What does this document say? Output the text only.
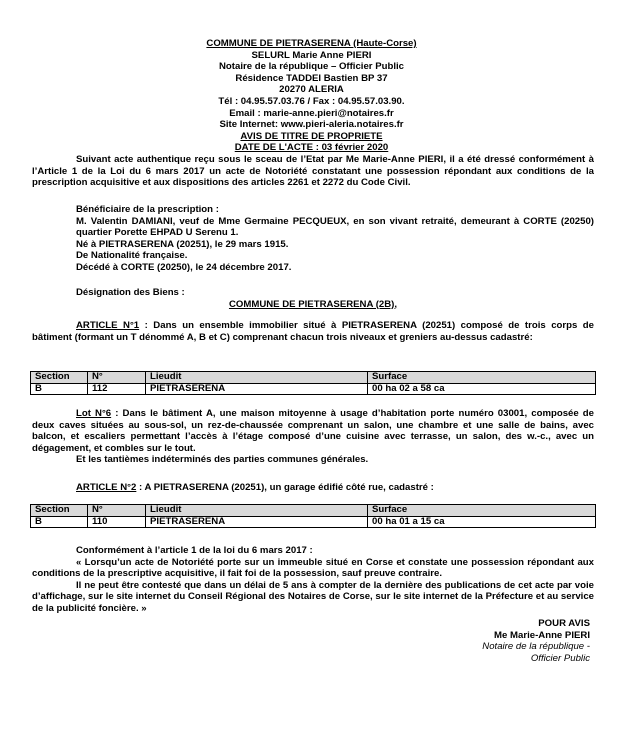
COMMUNE DE PIETRASERENA (Haute-Corse)
SELURL Marie Anne PIERI
Notaire de la république – Officier Public
Résidence TADDEI Bastien BP 37
20270 ALERIA
Tél : 04.95.57.03.76 / Fax : 04.95.57.03.90.
Email : marie-anne.pieri@notaires.fr
Site Internet: www.pieri-aleria.notaires.fr
AVIS DE TITRE DE PROPRIETE
DATE DE L'ACTE : 03 février 2020

Suivant acte authentique reçu sous le sceau de l’Etat par Me Marie-Anne PIERI, il a été dressé conformément à l’Article 1 de la Loi du 6 mars 2017 un acte de Notoriété constatant une possession répondant aux conditions de la prescription acquisitive et aux dispositions des articles 2261 et 2272 du Code Civil.

Bénéficiaire de la prescription :

M. Valentin DAMIANI, veuf de Mme Germaine PECQUEUX, en son vivant retraité, demeurant à CORTE (20250) quartier Porette EHPAD U Serenu 1.

Né à PIETRASERENA (20251), le 29 mars 1915.

De Nationalité française.

Décédé à CORTE (20250), le 24 décembre 2017.

Désignation des Biens :

COMMUNE DE PIETRASERENA (2B),

ARTICLE N°1 : Dans un ensemble immobilier situé à PIETRASERENA (20251) composé de trois corps de bâtiment (formant un T dénommé A, B et C) comprenant chacun trois niveaux et greniers au-dessus cadastré:

Section	N°	Lieudit	Surface
B	112	PIETRASERENA	00 ha 02 a 58 ca

Lot N°6 : Dans le bâtiment A, une maison mitoyenne à usage d’habitation porte numéro 03001, composée de deux caves situées au sous-sol, un rez-de-chaussée comprenant un salon, une chambre et une salle de bains, avec balcon, et escaliers permettant l’accès à l’étage composé d’une cuisine avec terrasse, un salon, des w.-c., avec un dégagement, et combles sur le tout.

Et les tantièmes indéterminés des parties communes générales.

ARTICLE N°2 : A PIETRASERENA (20251), un garage édifié côté rue, cadastré :

Section	N°	Lieudit	Surface
B	110	PIETRASERENA	00 ha 01 a 15 ca

Conformément à l’article 1 de la loi du 6 mars 2017 :

« Lorsqu’un acte de Notoriété porte sur un immeuble situé en Corse et constate une possession répondant aux conditions de la prescriptive acquisitive, il fait foi de la possession, sauf preuve contraire.

Il ne peut être contesté que dans un délai de 5 ans à compter de la dernière des publications de cet acte par voie d’affichage, sur le site internet du Conseil Régional des Notaires de Corse, sur le site internet de la Préfecture et au service de la publicité foncière. »

POUR AVIS
Me Marie-Anne PIERI
Notaire de la république -
Officier Public
